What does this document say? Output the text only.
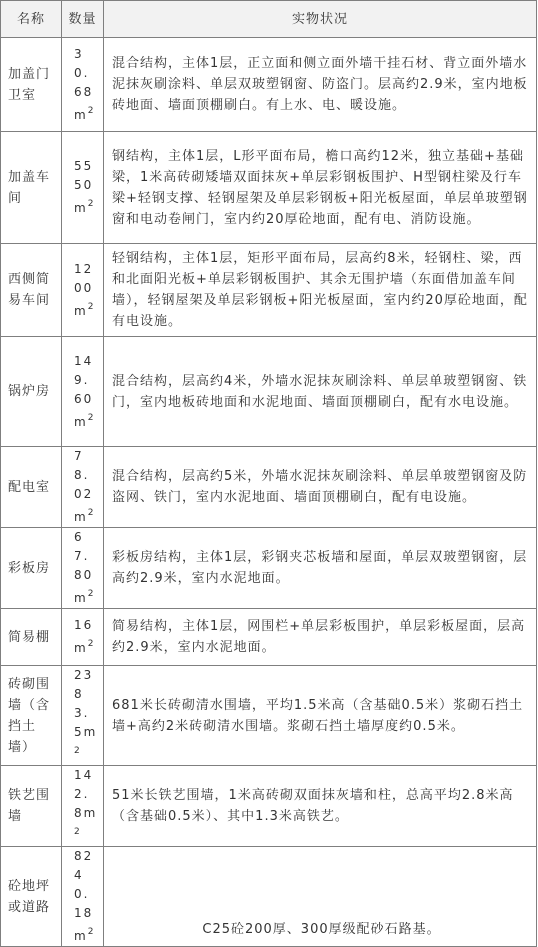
名称	数量	实物状况
加盖门卫室	$30.68m^2$	混合结构，主体1层，正立面和侧立面外墙干挂石材、背立面外墙水泥抹灰刷涂料、单层双玻塑钢窗、防盗门。层高约2.9米，室内地板砖地面、墙面顶棚刷白。有上水、电、暖设施。
加盖车间	$5550m^2$	钢结构，主体1层，L形平面布局，檐口高约12米，独立基础+基础梁，1米高砖砌矮墙双面抹灰+单层彩钢板围护、H型钢柱梁及行车梁+轻钢支撑、轻钢屋架及单层彩钢板+阳光板屋面，单层单玻塑钢窗和电动卷闸门，室内约20厚砼地面，配有电、消防设施。
西侧简易车间	$1200m^2$	轻钢结构，主体1层，矩形平面布局，层高约8米，轻钢柱、梁，西和北面阳光板+单层彩钢板围护、其余无围护墙（东面借加盖车间墙），轻钢屋架及单层彩钢板+阳光板屋面，室内约20厚砼地面，配有电设施。
锅炉房	$149.60m^2$	混合结构，层高约4米，外墙水泥抹灰刷涂料、单层单玻塑钢窗、铁门，室内地板砖地面和水泥地面、墙面顶棚刷白，配有水电设施。
配电室	$78.02m^2$	混合结构，层高约5米，外墙水泥抹灰刷涂料、单层单玻塑钢窗及防盗网、铁门，室内水泥地面、墙面顶棚刷白，配有电设施。
彩板房	$67.80m^2$	彩板房结构，主体1层，彩钢夹芯板墙和屋面，单层双玻塑钢窗，层高约2.9米，室内水泥地面。
简易棚	$16m^2$	简易结构，主体1层，网围栏+单层彩板围护，单层彩板屋面，层高约2.9米，室内水泥地面。
砖砌围墙（含挡土墙）	$2383.5m^2$	681米长砖砌清水围墙，平均1.5米高（含基础0.5米）浆砌石挡土墙+高约2米砖砌清水围墙。浆砌石挡土墙厚度约0.5米。
铁艺围墙	$142.8m^2$	51米长铁艺围墙，1米高砖砌双面抹灰墙和柱，总高平均2.8米高（含基础0.5米）、其中1.3米高铁艺。
砼地坪或道路	$8240.18m^2$	C25砼200厚、300厚级配砂石路基。
